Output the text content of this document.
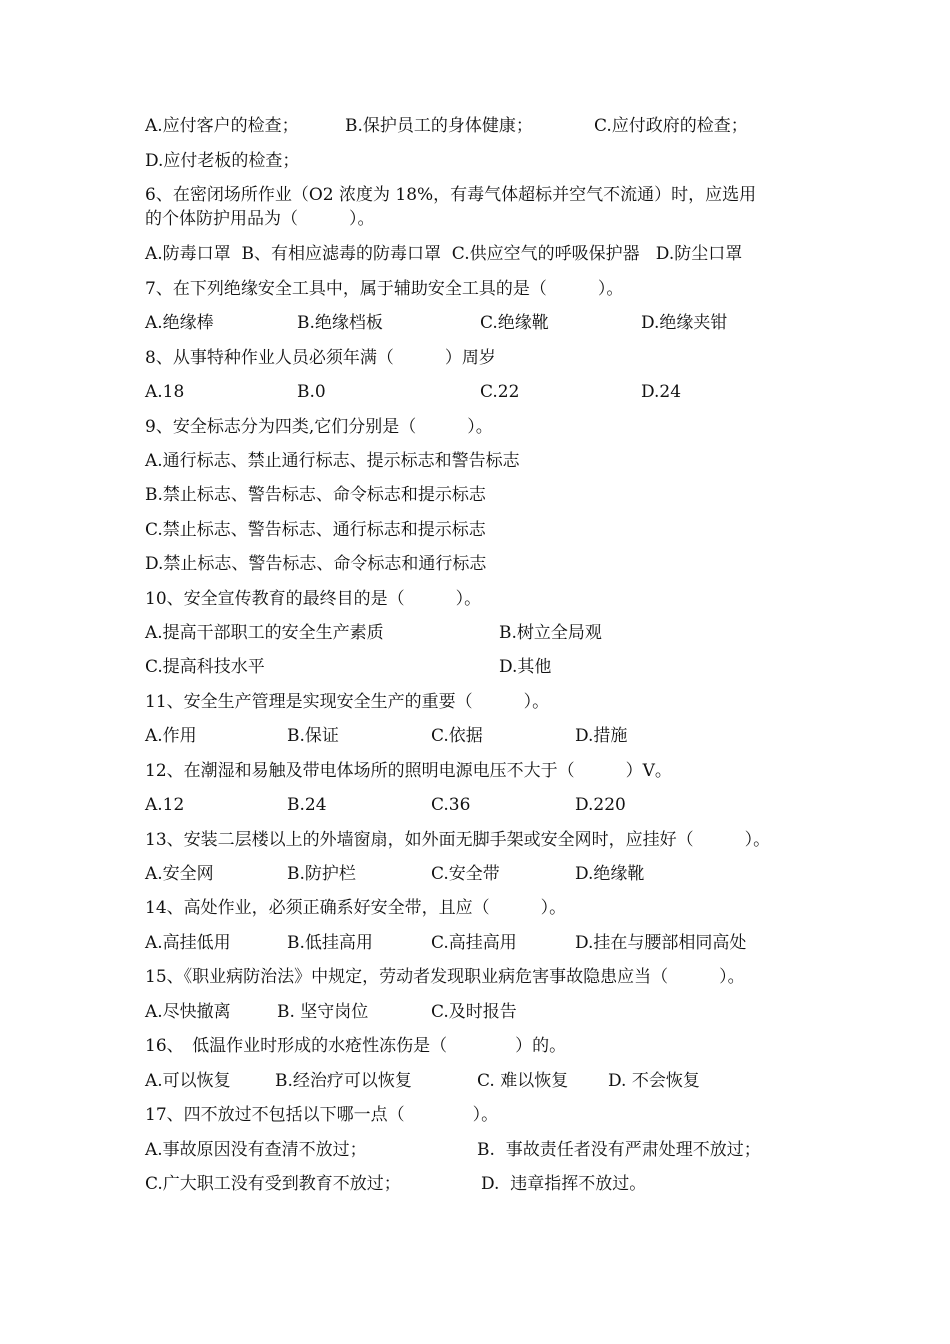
A.应付客户的检查；	B.保护员工的身体健康；	C.应付政府的检查；
D.应付老板的检查；
6、在密闭场所作业（O2 浓度为 18%，有毒气体超标并空气不流通）时，应选用
的个体防护用品为（　　　）。
A.防毒口罩  B、有相应滤毒的防毒口罩  C.供应空气的呼吸保护器   D.防尘口罩
7、在下列绝缘安全工具中，属于辅助安全工具的是（　　　）。
A.绝缘棒	B.绝缘档板	C.绝缘靴	D.绝缘夹钳
8、从事特种作业人员必须年满（　　　）周岁
A.18	B.0	C.22	D.24
9、安全标志分为四类,它们分别是（　　　）。
A.通行标志、禁止通行标志、提示标志和警告标志
B.禁止标志、警告标志、命令标志和提示标志
C.禁止标志、警告标志、通行标志和提示标志
D.禁止标志、警告标志、命令标志和通行标志
10、安全宣传教育的最终目的是（　　　）。
A.提高干部职工的安全生产素质	B.树立全局观
C.提高科技水平	D.其他
11、安全生产管理是实现安全生产的重要（　　　）。
A.作用	B.保证	C.依据	D.措施
12、在潮湿和易触及带电体场所的照明电源电压不大于（　　　）V。
A.12	B.24	C.36	D.220
13、安装二层楼以上的外墙窗扇，如外面无脚手架或安全网时，应挂好（　　　）。
A.安全网	B.防护栏	C.安全带	D.绝缘靴
14、高处作业，必须正确系好安全带，且应（　　　）。
A.高挂低用	B.低挂高用	C.高挂高用	D.挂在与腰部相同高处
15、《职业病防治法》中规定，劳动者发现职业病危害事故隐患应当（　　　）。
A.尽快撤离	B. 坚守岗位	C.及时报告
16、　低温作业时形成的水疮性冻伤是（　　　　）的。
A.可以恢复	B.经治疗可以恢复	C. 难以恢复 D. 不会恢复
17、四不放过不包括以下哪一点（　　　　）。
A.事故原因没有查清不放过；	B.  事故责任者没有严肃处理不放过；
C.广大职工没有受到教育不放过；	D.  违章指挥不放过。
